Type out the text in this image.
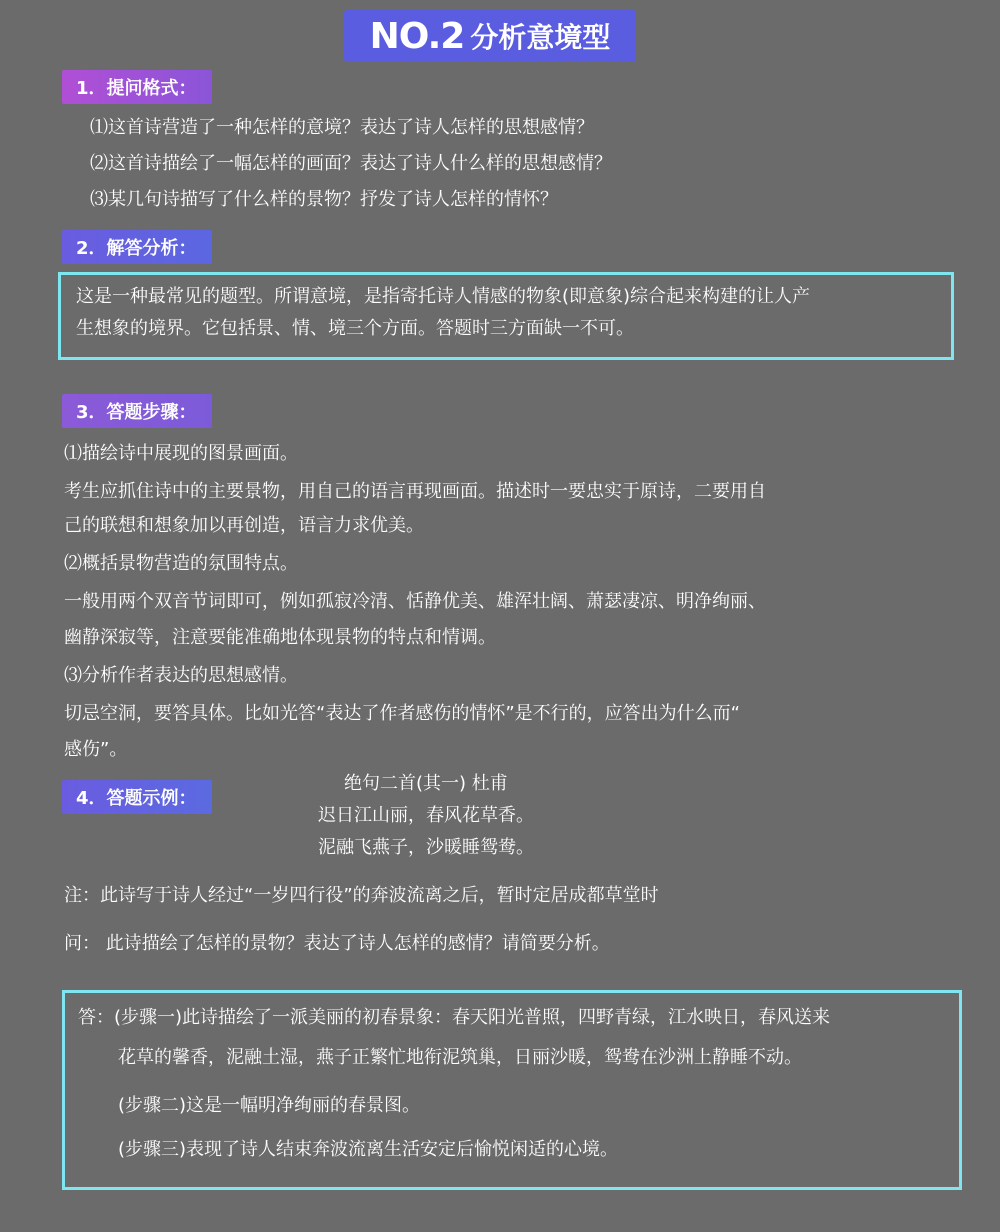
NO.2 分析意境型
1．提问格式：
⑴这首诗营造了一种怎样的意境？表达了诗人怎样的思想感情？
⑵这首诗描绘了一幅怎样的画面？表达了诗人什么样的思想感情？
⑶某几句诗描写了什么样的景物？抒发了诗人怎样的情怀？
2．解答分析：
这是一种最常见的题型。所谓意境，是指寄托诗人情感的物象(即意象)综合起来构建的让人产
生想象的境界。它包括景、情、境三个方面。答题时三方面缺一不可。
3．答题步骤：
⑴描绘诗中展现的图景画面。
考生应抓住诗中的主要景物，用自己的语言再现画面。描述时一要忠实于原诗，二要用自
己的联想和想象加以再创造，语言力求优美。
⑵概括景物营造的氛围特点。
一般用两个双音节词即可，例如孤寂冷清、恬静优美、雄浑壮阔、萧瑟凄凉、明净绚丽、
幽静深寂等，注意要能准确地体现景物的特点和情调。
⑶分析作者表达的思想感情。
切忌空洞，要答具体。比如光答“表达了作者感伤的情怀”是不行的，应答出为什么而“
感伤”。
4．答题示例：
绝句二首(其一) 杜甫
迟日江山丽，春风花草香。
泥融飞燕子，沙暖睡鸳鸯。
注：此诗写于诗人经过“一岁四行役”的奔波流离之后，暂时定居成都草堂时
问： 此诗描绘了怎样的景物？表达了诗人怎样的感情？请简要分析。
答：(步骤一)此诗描绘了一派美丽的初春景象：春天阳光普照，四野青绿，江水映日，春风送来
花草的馨香，泥融土湿，燕子正繁忙地衔泥筑巢，日丽沙暖，鸳鸯在沙洲上静睡不动。
(步骤二)这是一幅明净绚丽的春景图。
(步骤三)表现了诗人结束奔波流离生活安定后愉悦闲适的心境。
